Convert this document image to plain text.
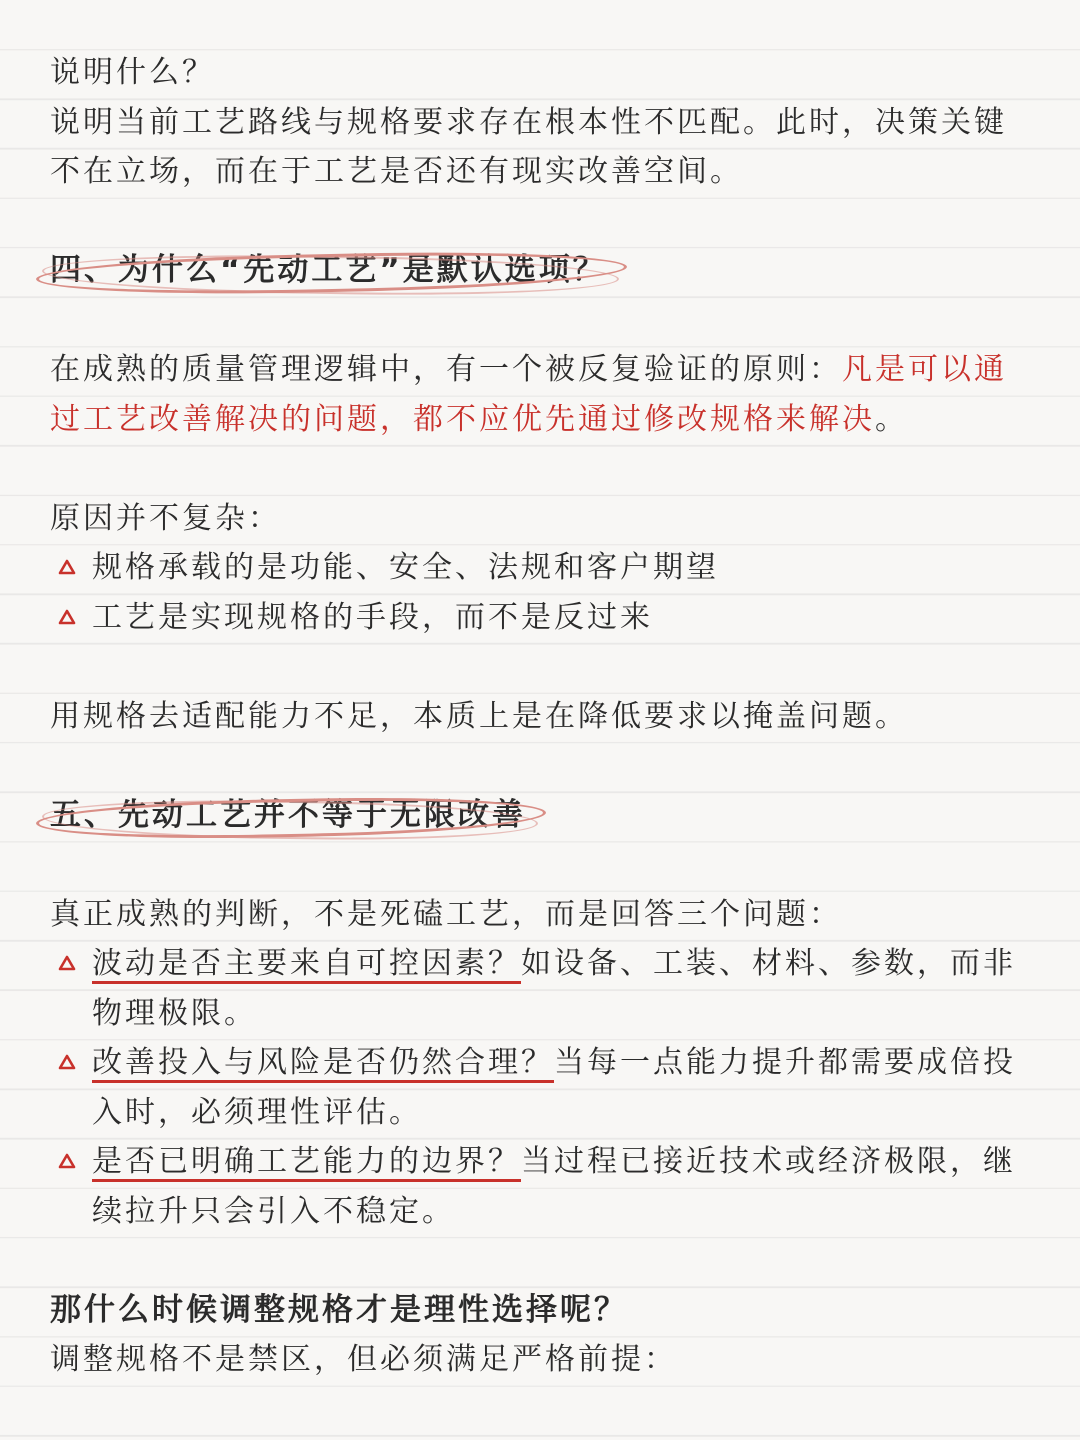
说明什么？
说明当前工艺路线与规格要求存在根本性不匹配。此时，决策关键
不在立场，而在于工艺是否还有现实改善空间。
四、为什么“先动工艺”是默认选项？
在成熟的质量管理逻辑中，有一个被反复验证的原则：凡是可以通
过工艺改善解决的问题，都不应优先通过修改规格来解决。
原因并不复杂：
规格承载的是功能、安全、法规和客户期望
工艺是实现规格的手段，而不是反过来
用规格去适配能力不足，本质上是在降低要求以掩盖问题。
五、先动工艺并不等于无限改善
真正成熟的判断，不是死磕工艺，而是回答三个问题：
波动是否主要来自可控因素？如设备、工装、材料、参数，而非
物理极限。
改善投入与风险是否仍然合理？当每一点能力提升都需要成倍投
入时，必须理性评估。
是否已明确工艺能力的边界？当过程已接近技术或经济极限，继
续拉升只会引入不稳定。
那什么时候调整规格才是理性选择呢？
调整规格不是禁区，但必须满足严格前提：
